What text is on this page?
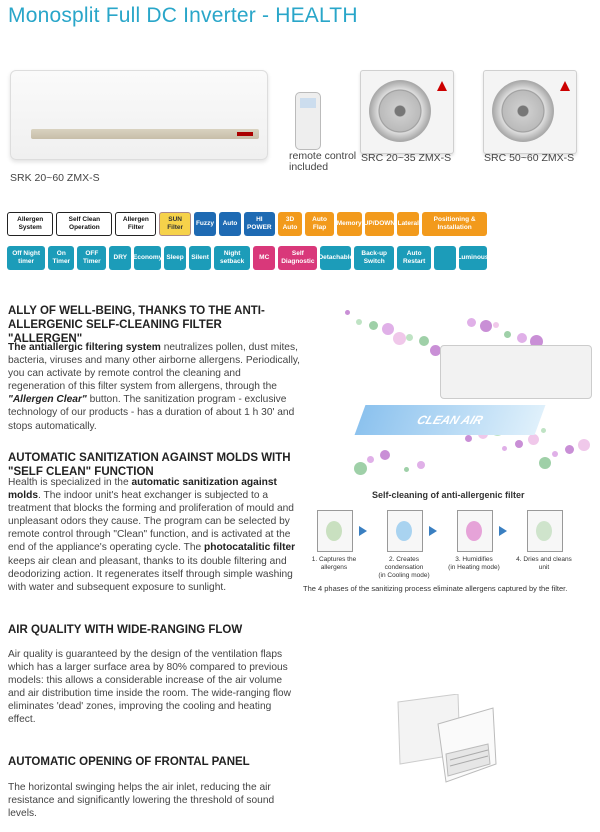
Monosplit Full DC Inverter - HEALTH
SRK 20~60 ZMX-S
remote control
included
SRC 20~35 ZMX-S	SRC 50~60 ZMX-S
Allergen System
Self Clean Operation
Allergen Filter
SUN Filter
Fuzzy	Auto
HI POWER
3D Auto
Auto Flap
Memory UP/DOWN Lateral
Positioning & Installation
Off Night timer
On Timer
OFF Timer
DRY Economy Sleep	Silent
Night setback
MC
Self Diagnostic
Detachable
Back-up Switch
Auto Restart
Luminous
ALLY OF WELL-BEING, THANKS TO THE ANTI-ALLERGENIC SELF-CLEANING FILTER "ALLERGEN"
The antiallergic filtering system neutralizes pollen, dust mites, bacteria, viruses and many other airborne allergens. Periodically, you can activate by remote control the cleaning and regeneration of this filter system from allergens, through the "Allergen Clear" button. The sanitization program - exclusive technology of our products - has a duration of about 1 h 30' and stops automatically.	CLEAN AIR
AUTOMATIC SANITIZATION AGAINST MOLDS WITH "SELF CLEAN" FUNCTION
Health is specialized in the automatic sanitization against molds. The indoor unit's heat exchanger is subjected to a treatment that blocks the forming and proliferation of mould and unpleasant odors they cause. The program can be selected by remote control through "Clean" function, and is activated at the end of the appliance's operating cycle. The photocatalitic filter keeps air clean and pleasant, thanks to its double filtering and deodorizing action. It regenerates itself through simple washing with water and subsequent exposure to sunlight.
Self-cleaning of anti-allergenic filter
1. Captures the
allergens
2. Creates condensation
(in Cooling mode)
3. Humidifies
(in Heating mode)
4. Dries and cleans
unit
The 4 phases of the sanitizing process eliminate allergens captured by the filter.
AIR QUALITY WITH WIDE-RANGING FLOW
Air quality is guaranteed by the design of the ventilation flaps which has a larger surface area by 80% compared to previous models: this allows a considerable increase of the air volume and air distribution time inside the room. The wide-ranging flow eliminates 'dead' zones, improving the cooling and heating effect.
AUTOMATIC OPENING OF FRONTAL PANEL
The horizontal swinging helps the air inlet, reducing the air resistance and significantly lowering the threshold of sound levels.
